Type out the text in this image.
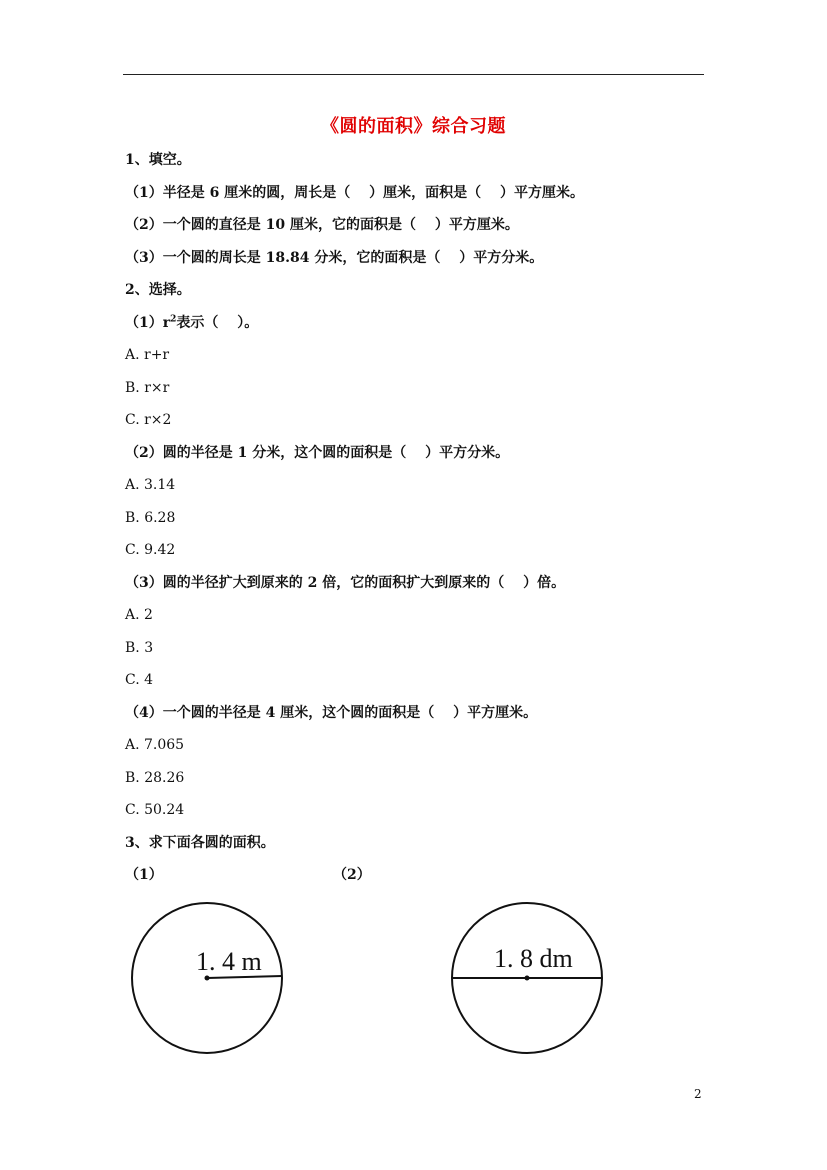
《圆的面积》综合习题
1、填空。
（1）半径是 6 厘米的圆，周长是（　 ）厘米，面积是（　 ）平方厘米。
（2）一个圆的直径是 10 厘米，它的面积是（　 ）平方厘米。
（3）一个圆的周长是 18.84 分米，它的面积是（　 ）平方分米。
2、选择。
$(1)r^2$表示（　 ）。
A. r+r
B. r×r
C. r×2
（2）圆的半径是 1 分米，这个圆的面积是（　 ）平方分米。
A. 3.14
B. 6.28
C. 9.42
（3）圆的半径扩大到原来的 2 倍，它的面积扩大到原来的（　 ）倍。
A. 2
B. 3
C. 4
（4）一个圆的半径是 4 厘米，这个圆的面积是（　 ）平方厘米。
A. 7.065
B. 28.26
C. 50.24
3、求下面各圆的面积。
（1）	（2）
1. 4 m	1. 8 dm
2
